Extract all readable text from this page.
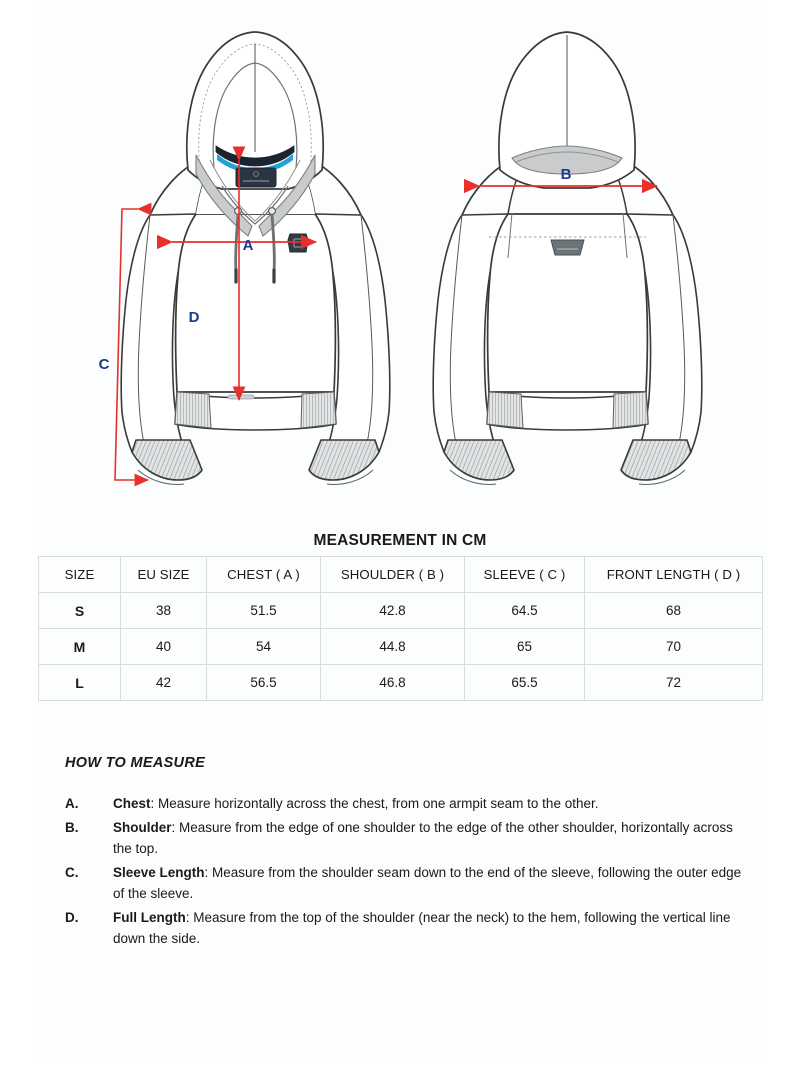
A
D
C
B
MEASUREMENT IN CM
SIZE	EU SIZE	CHEST ( A )	SHOULDER ( B )	SLEEVE ( C )	FRONT LENGTH ( D )
S	38	51.5	42.8	64.5	68
M	40	54	44.8	65	70
L	42	56.5	46.8	65.5	72
HOW TO MEASURE
A.	Chest: Measure horizontally across the chest, from one armpit seam to the other.
B.	Shoulder: Measure from the edge of one shoulder to the edge of the other shoulder, horizontally across the top.
C.	Sleeve Length: Measure from the shoulder seam down to the end of the sleeve, following the outer edge of the sleeve.
D.	Full Length: Measure from the top of the shoulder (near the neck) to the hem, following the vertical line down the side.
